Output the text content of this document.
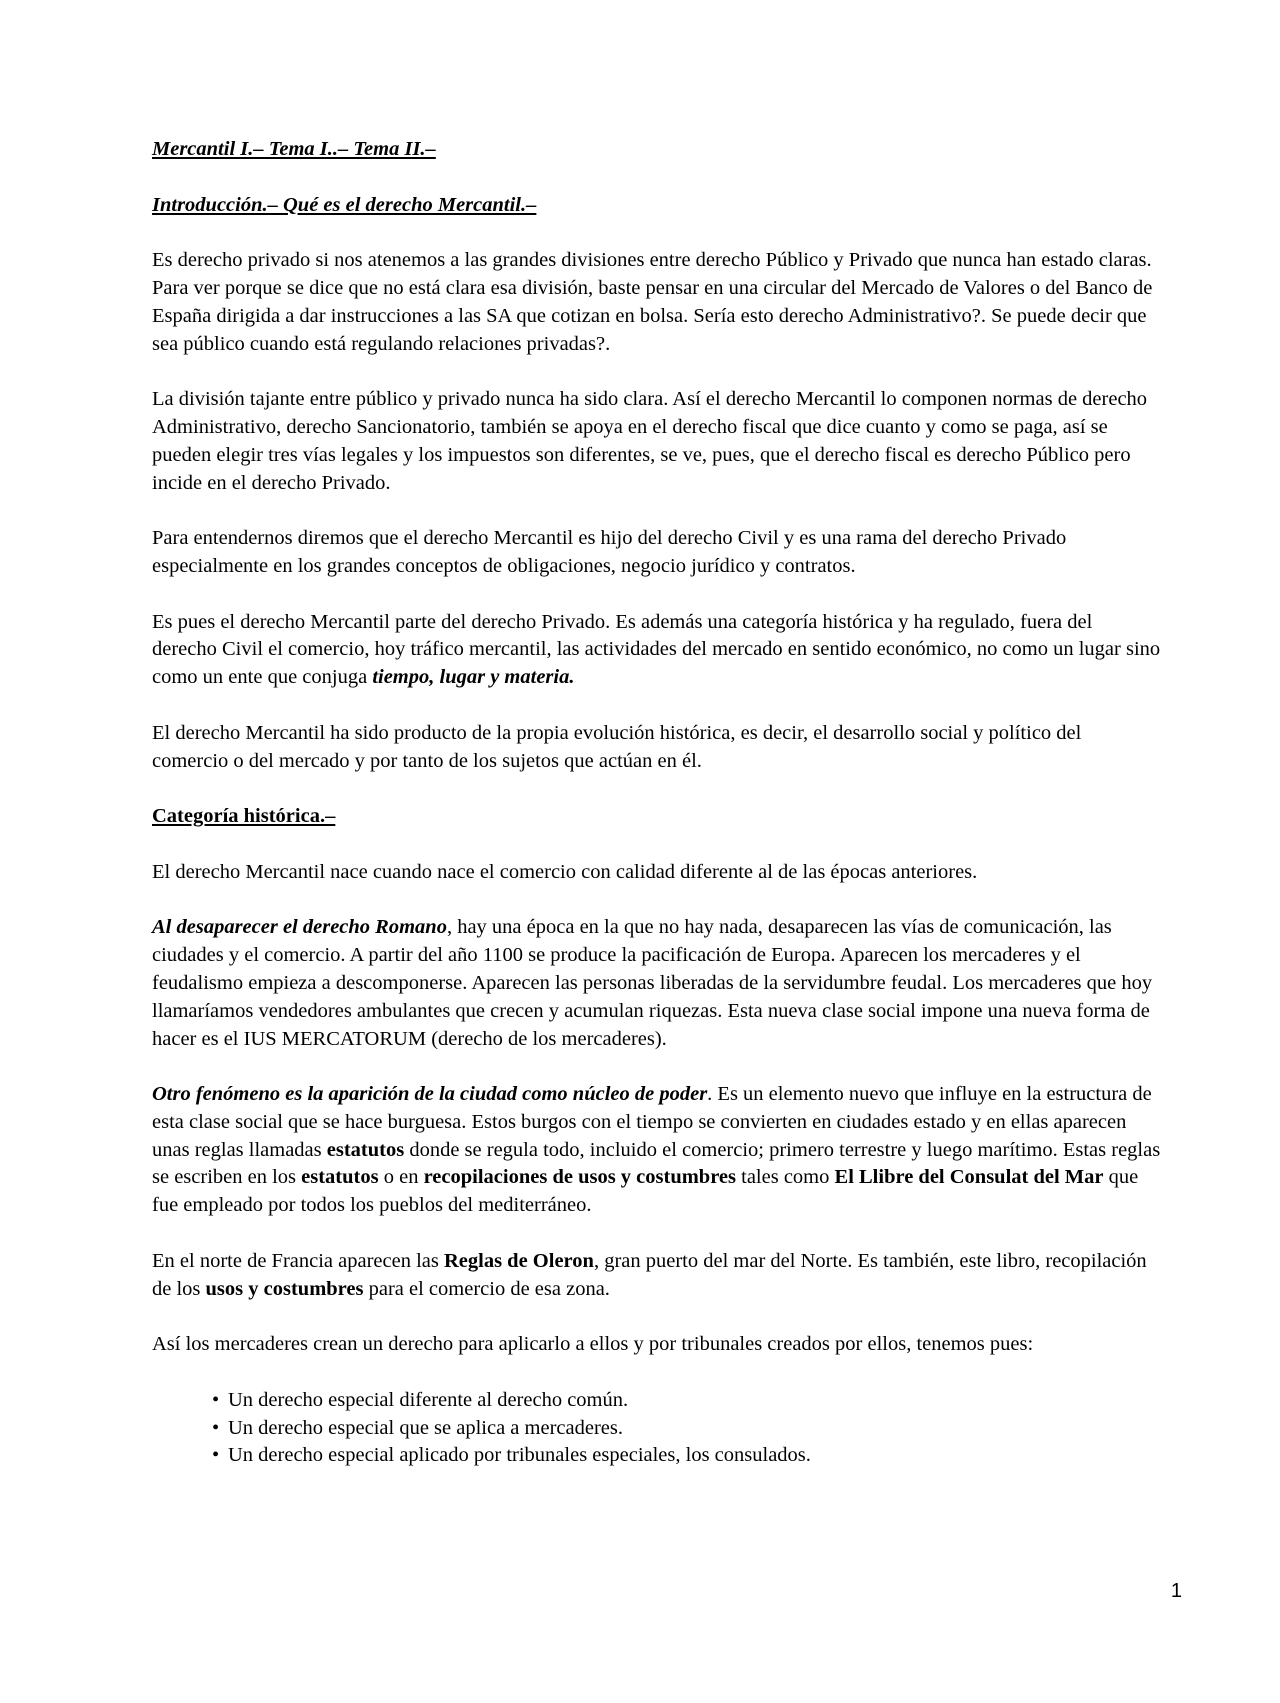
Mercantil I.– Tema I..– Tema II.–

Introducción.– Qué es el derecho Mercantil.–

Es derecho privado si nos atenemos a las grandes divisiones entre derecho Público y Privado que nunca han estado claras. Para ver porque se dice que no está clara esa división, baste pensar en una circular del Mercado de Valores o del Banco de España dirigida a dar instrucciones a las SA que cotizan en bolsa. Sería esto derecho Administrativo?. Se puede decir que sea público cuando está regulando relaciones privadas?.

La división tajante entre público y privado nunca ha sido clara. Así el derecho Mercantil lo componen normas de derecho Administrativo, derecho Sancionatorio, también se apoya en el derecho fiscal que dice cuanto y como se paga, así se pueden elegir tres vías legales y los impuestos son diferentes, se ve, pues, que el derecho fiscal es derecho Público pero incide en el derecho Privado.

Para entendernos diremos que el derecho Mercantil es hijo del derecho Civil y es una rama del derecho Privado especialmente en los grandes conceptos de obligaciones, negocio jurídico y contratos.

Es pues el derecho Mercantil parte del derecho Privado. Es además una categoría histórica y ha regulado, fuera del derecho Civil el comercio, hoy tráfico mercantil, las actividades del mercado en sentido económico, no como un lugar sino como un ente que conjuga tiempo, lugar y materia.

El derecho Mercantil ha sido producto de la propia evolución histórica, es decir, el desarrollo social y político del comercio o del mercado y por tanto de los sujetos que actúan en él.

Categoría histórica.–

El derecho Mercantil nace cuando nace el comercio con calidad diferente al de las épocas anteriores.

Al desaparecer el derecho Romano, hay una época en la que no hay nada, desaparecen las vías de comunicación, las ciudades y el comercio. A partir del año 1100 se produce la pacificación de Europa. Aparecen los mercaderes y el feudalismo empieza a descomponerse. Aparecen las personas liberadas de la servidumbre feudal. Los mercaderes que hoy llamaríamos vendedores ambulantes que crecen y acumulan riquezas. Esta nueva clase social impone una nueva forma de hacer es el IUS MERCATORUM (derecho de los mercaderes).

Otro fenómeno es la aparición de la ciudad como núcleo de poder. Es un elemento nuevo que influye en la estructura de esta clase social que se hace burguesa. Estos burgos con el tiempo se convierten en ciudades estado y en ellas aparecen unas reglas llamadas estatutos donde se regula todo, incluido el comercio; primero terrestre y luego marítimo. Estas reglas se escriben en los estatutos o en recopilaciones de usos y costumbres tales como El Llibre del Consulat del Mar que fue empleado por todos los pueblos del mediterráneo.

En el norte de Francia aparecen las Reglas de Oleron, gran puerto del mar del Norte. Es también, este libro, recopilación de los usos y costumbres para el comercio de esa zona.

Así los mercaderes crean un derecho para aplicarlo a ellos y por tribunales creados por ellos, tenemos pues:

• Un derecho especial diferente al derecho común.
• Un derecho especial que se aplica a mercaderes.
• Un derecho especial aplicado por tribunales especiales, los consulados.
1
